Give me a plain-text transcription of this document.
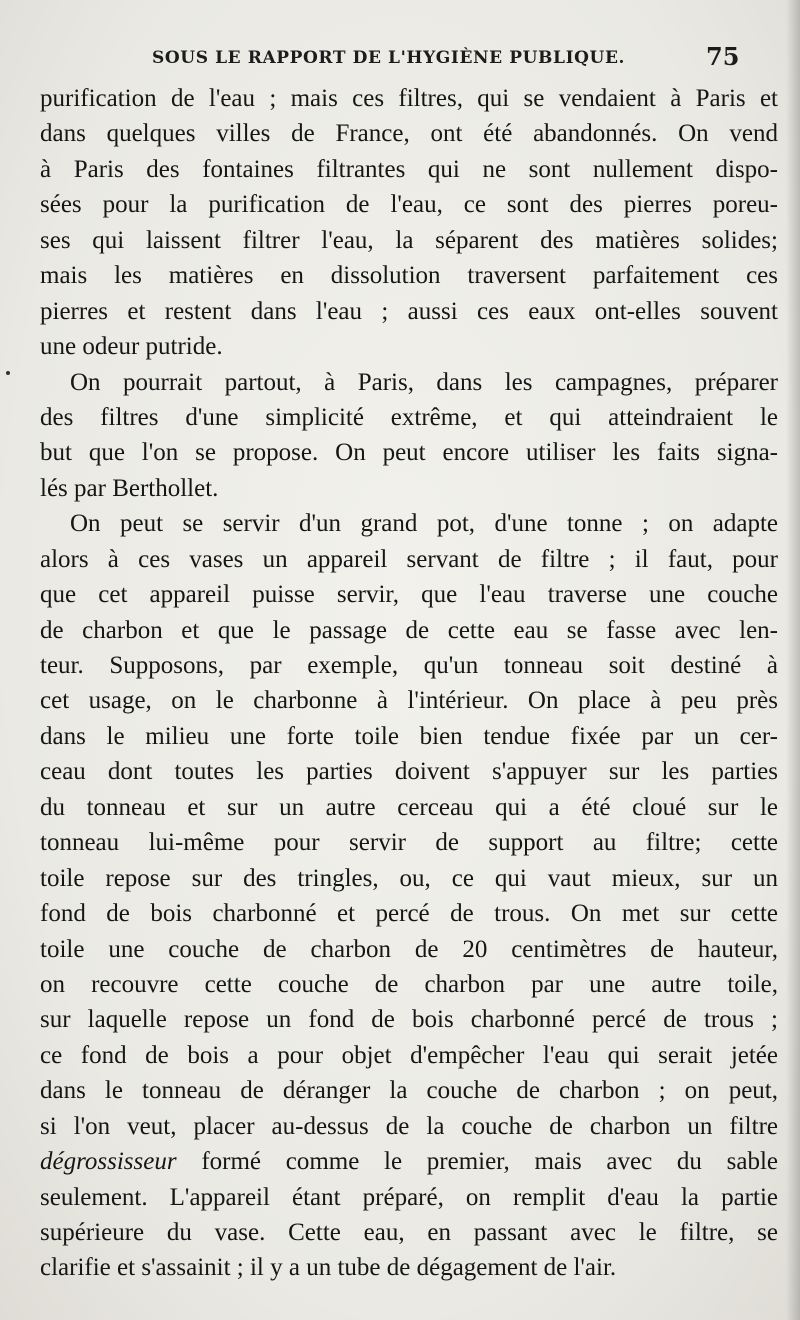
SOUS LE RAPPORT DE L'HYGIÈNE PUBLIQUE.	75
purification de l'eau ; mais ces filtres, qui se vendaient à Paris et
dans quelques villes de France, ont été abandonnés. On vend
à Paris des fontaines filtrantes qui ne sont nullement dispo-
sées pour la purification de l'eau, ce sont des pierres poreu-
ses qui laissent filtrer l'eau, la séparent des matières solides;
mais les matières en dissolution traversent parfaitement ces
pierres et restent dans l'eau ; aussi ces eaux ont-elles souvent
une odeur putride.
On pourrait partout, à Paris, dans les campagnes, préparer
des filtres d'une simplicité extrême, et qui atteindraient le
but que l'on se propose. On peut encore utiliser les faits signa-
lés par Berthollet.
On peut se servir d'un grand pot, d'une tonne ; on adapte
alors à ces vases un appareil servant de filtre ; il faut, pour
que cet appareil puisse servir, que l'eau traverse une couche
de charbon et que le passage de cette eau se fasse avec len-
teur. Supposons, par exemple, qu'un tonneau soit destiné à
cet usage, on le charbonne à l'intérieur. On place à peu près
dans le milieu une forte toile bien tendue fixée par un cer-
ceau dont toutes les parties doivent s'appuyer sur les parties
du tonneau et sur un autre cerceau qui a été cloué sur le
tonneau lui-même pour servir de support au filtre; cette
toile repose sur des tringles, ou, ce qui vaut mieux, sur un
fond de bois charbonné et percé de trous. On met sur cette
toile une couche de charbon de 20 centimètres de hauteur,
on recouvre cette couche de charbon par une autre toile,
sur laquelle repose un fond de bois charbonné percé de trous ;
ce fond de bois a pour objet d'empêcher l'eau qui serait jetée
dans le tonneau de déranger la couche de charbon ; on peut,
si l'on veut, placer au-dessus de la couche de charbon un filtre
dégrossisseur formé comme le premier, mais avec du sable
seulement. L'appareil étant préparé, on remplit d'eau la partie
supérieure du vase. Cette eau, en passant avec le filtre, se
clarifie et s'assainit ; il y a un tube de dégagement de l'air.
